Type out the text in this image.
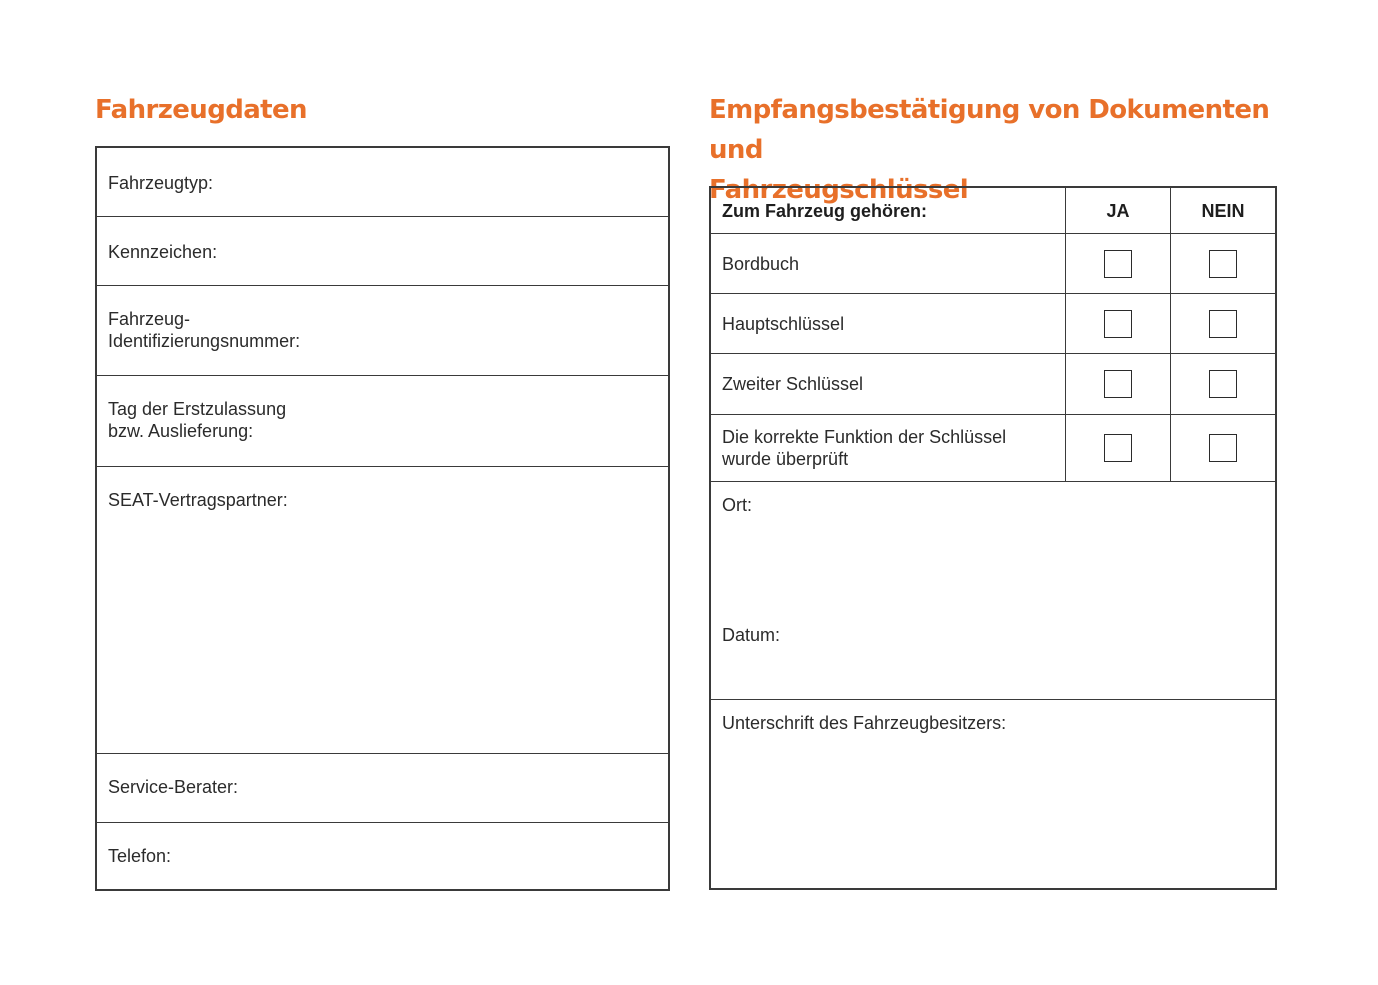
Fahrzeugdaten
Fahrzeugtyp:
Kennzeichen:
Fahrzeug-
Identifizierungsnummer:
Tag der Erstzulassung
bzw. Auslieferung:
SEAT-Vertragspartner:
Service-Berater:
Telefon:
Empfangsbestätigung von Dokumenten und
Fahrzeugschlüssel
Zum Fahrzeug gehören:	JA	NEIN
Bordbuch
Hauptschlüssel
Zweiter Schlüssel
Die korrekte Funktion der Schlüssel
wurde überprüft
Ort:
Datum:
Unterschrift des Fahrzeugbesitzers:
